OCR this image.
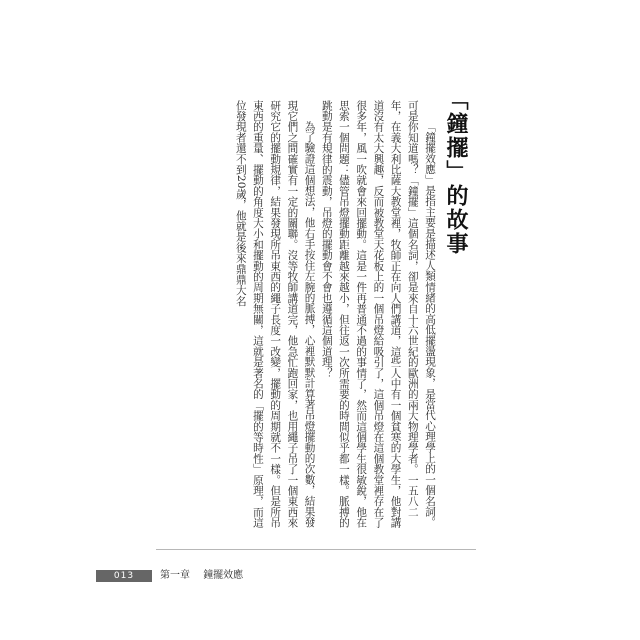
「鐘擺」的故事

「鐘擺效應」是指主要是描述人類情緒的高低擺盪現象，是當代心理學上的一個名詞。可是你知道嗎？「鐘擺」這個名詞，卻是來自十六世紀的歐洲的兩大物理學者。一五八二年，在義大利比薩大教堂裡，牧師正在向人們講道，這些人中有一個貧寒的大學生，他對講道沒有太大興趣，反而被教堂天花板上的一個吊燈給吸引了，這個吊燈在這個教堂裡存在了很多年，風一吹就會來回擺動。這是一件再普通不過的事情了，然而這個學生很敏銳，他在思索一個問題：儘管吊燈擺動距離越來越小，但往返一次所需要的時間似乎都一樣。脈搏的跳動是有規律的震動，吊燈的擺動會不會也遵循這個道理？

為了驗證這個想法，他右手按住左腕的脈搏，心裡默默計算著吊燈擺動的次數，結果發現它們之間確實有一定的關聯。沒等牧師講道完，他急忙跑回家，也用繩子吊了一個東西來研究它的擺動規律，結果發現所吊東西的繩子長度一改變，擺動的周期就不一樣。但是所吊東西的重量、擺動的角度大小和擺動的周期無關，這就是著名的「擺的等時性」原理，而這位發現者還不到20歲，他就是後來鼎鼎大名

013	第一章 鐘擺效應
